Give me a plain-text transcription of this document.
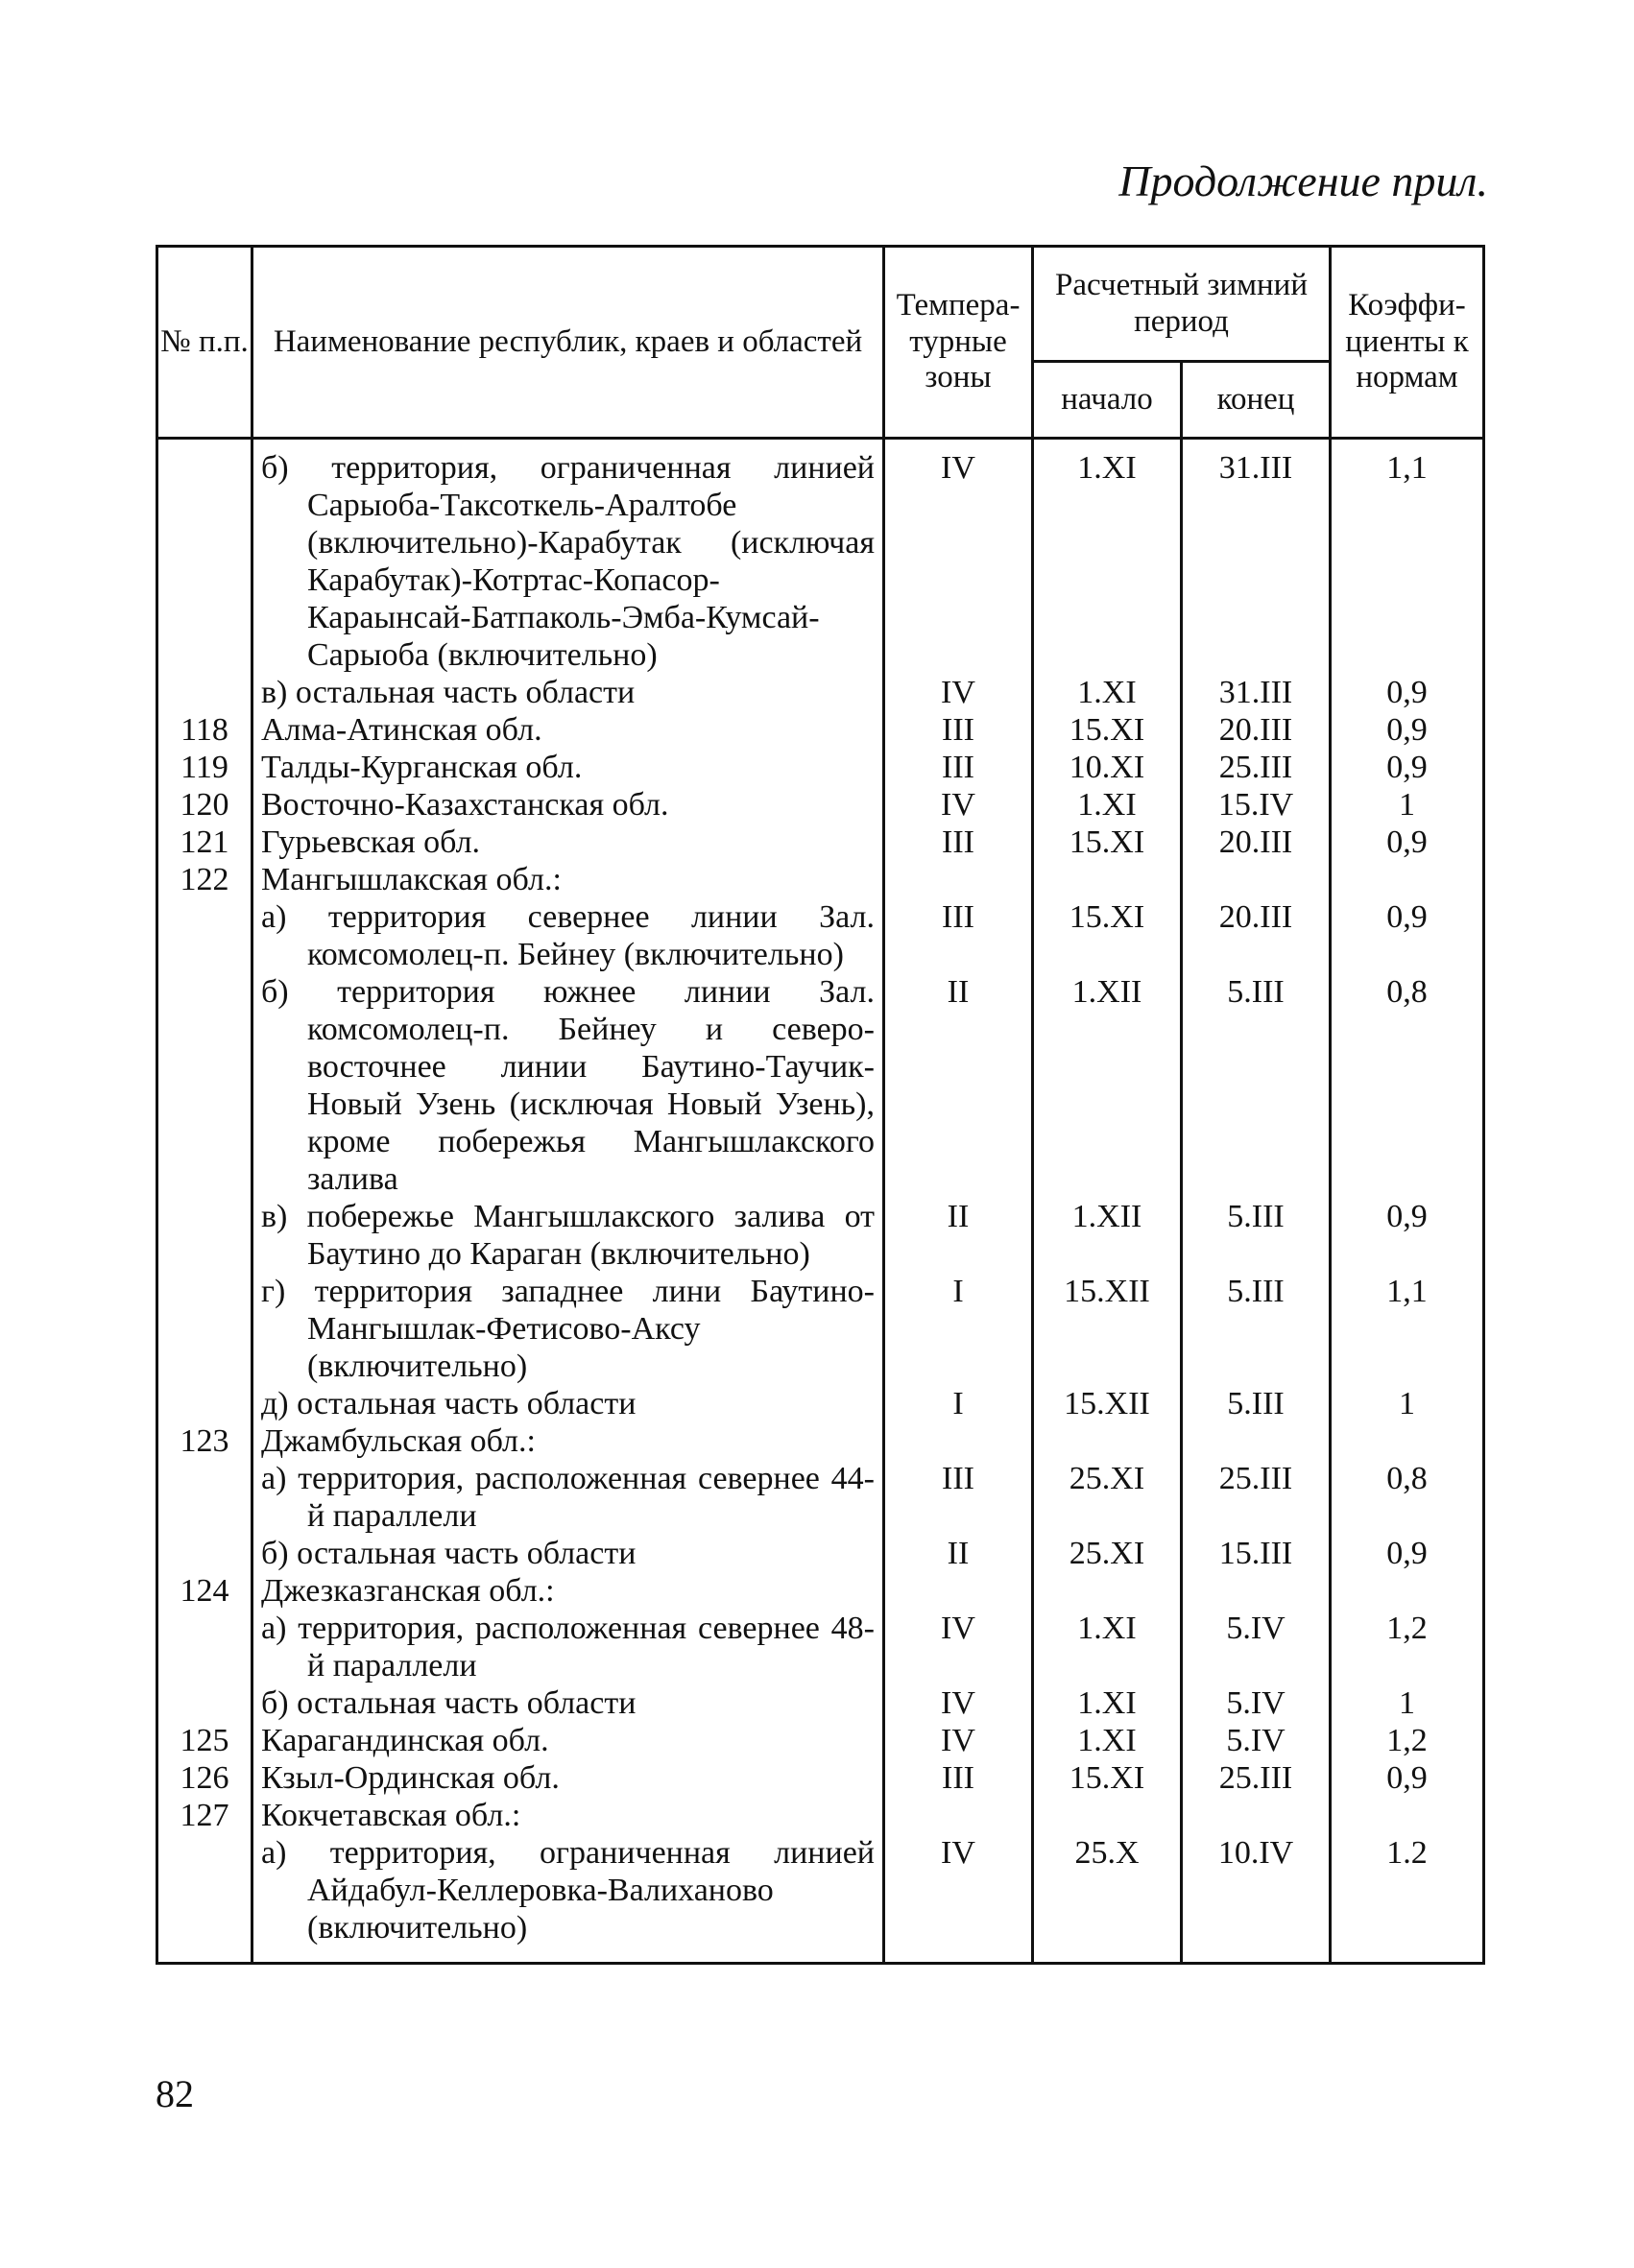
Продолжение прил.
№ п.п.	Наименование республик, краев и областей	Темпера-турные зоны	Расчетный зимний период		Коэффи-циенты к нормам
			начало	конец	

	б) территория, ограниченная линией Сарыоба-Таксоткель-Аралтобе (включительно)-Карабутак (исключая Карабутак)-Котртас-Копасор-Караынсай-Батпаколь-Эмба-Кумсай-Сарыоба (включительно)	IV	1.XI	31.III	1,1

	в) остальная часть области	IV	1.XI	31.III	0,9
118	Алма-Атинская обл.	III	15.XI	20.III	0,9
119	Талды-Курганская обл.	III	10.XI	25.III	0,9
120	Восточно-Казахстанская обл.	IV	1.XI	15.IV	1
121	Гурьевская обл.	III	15.XI	20.III	0,9
122	Мангышлакская обл.:				

	а) территория севернее линии Зал. комсомолец-п. Бейнеу (включительно)	III	15.XI	20.III	0,9

	б) территория южнее линии Зал. комсомолец-п. Бейнеу и северо-восточнее линии Баутино-Таучик-Новый Узень (исключая Новый Узень), кроме побережья Мангышлакского залива	II	1.XII	5.III	0,8

	в) побережье Мангышлакского залива от Баутино до Караган (включительно)	II	1.XII	5.III	0,9

	г) территория западнее лини Баутино-Мангышлак-Фетисово-Аксу (включительно)	I	15.XII	5.III	1,1

	д) остальная часть области	I	15.XII	5.III	1
123	Джамбульская обл.:				

	а) территория, расположенная севернее 44-й параллели	III	25.XI	25.III	0,8

	б) остальная часть области	II	25.XI	15.III	0,9
124	Джезказганская обл.:				

	а) территория, расположенная севернее 48-й параллели	IV	1.XI	5.IV	1,2

	б) остальная часть области	IV	1.XI	5.IV	1
125	Карагандинская обл.	IV	1.XI	5.IV	1,2
126	Кзыл-Ординская обл.	III	15.XI	25.III	0,9
127	Кокчетавская обл.:				

	а) территория, ограниченная линией Айдабул-Келлеровка-Валиханово (включительно)	IV	25.X	10.IV	1.2
82
